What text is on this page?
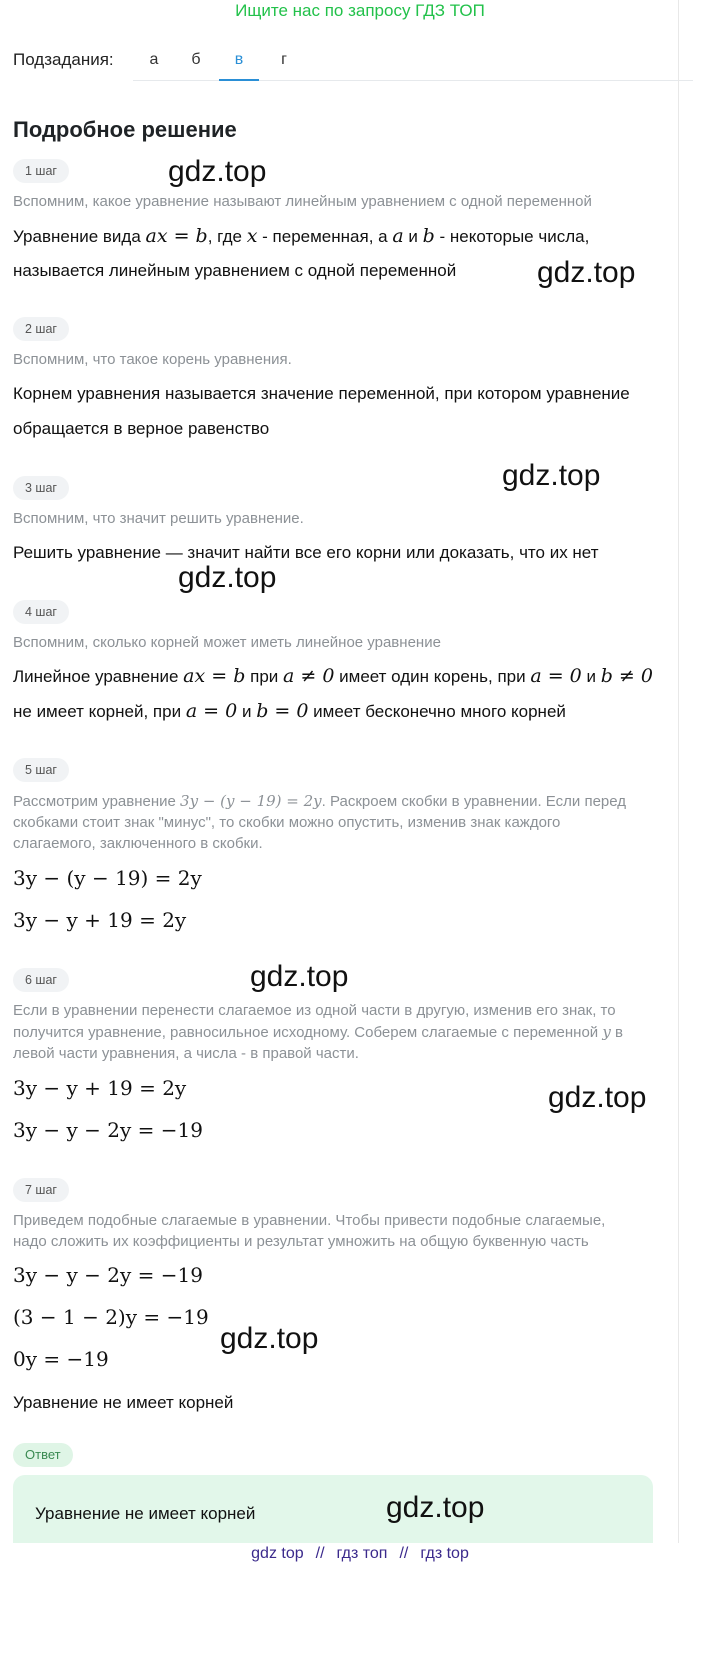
Ищите нас по запросу ГДЗ ТОП
Подзадания:	а	б	в	г
Подробное решение
1 шаг	gdz.top
Вспомним, какое уравнение называют линейным уравнением с одной переменной
Уравнение вида ax = b, где x - переменная, а a и b - некоторые числа,
называется линейным уравнением с одной переменной	gdz.top
2 шаг
Вспомним, что такое корень уравнения.
Корнем уравнения называется значение переменной, при котором уравнение
обращается в верное равенство
gdz.top
3 шаг
Вспомним, что значит решить уравнение.
Решить уравнение — значит найти все его корни или доказать, что их нет
gdz.top
4 шаг
Вспомним, сколько корней может иметь линейное уравнение
Линейное уравнение ax = b при a ≠ 0 имеет один корень, при a = 0 и b ≠ 0
не имеет корней, при a = 0 и b = 0 имеет бесконечно много корней
5 шаг
Рассмотрим уравнение 3y − (y − 19) = 2y. Раскроем скобки в уравнении. Если перед
скобками стоит знак "минус", то скобки можно опустить, изменив знак каждого
слагаемого, заключенного в скобки.
3y − (y − 19) = 2y
3y − y + 19 = 2y
6 шаг	gdz.top
Если в уравнении перенести слагаемое из одной части в другую, изменив его знак, то
получится уравнение, равносильное исходному. Соберем слагаемые с переменной y в
левой части уравнения, а числа - в правой части.
3y − y + 19 = 2y	gdz.top
3y − y − 2y = −19
7 шаг
Приведем подобные слагаемые в уравнении. Чтобы привести подобные слагаемые,
надо сложить их коэффициенты и результат умножить на общую буквенную часть
3y − y − 2y = −19
(3 − 1 − 2)y = −19
gdz.top
0y = −19
Уравнение не имеет корней
Ответ
Уравнение не имеет корней	gdz.top
gdz top // гдз топ // гдз top
